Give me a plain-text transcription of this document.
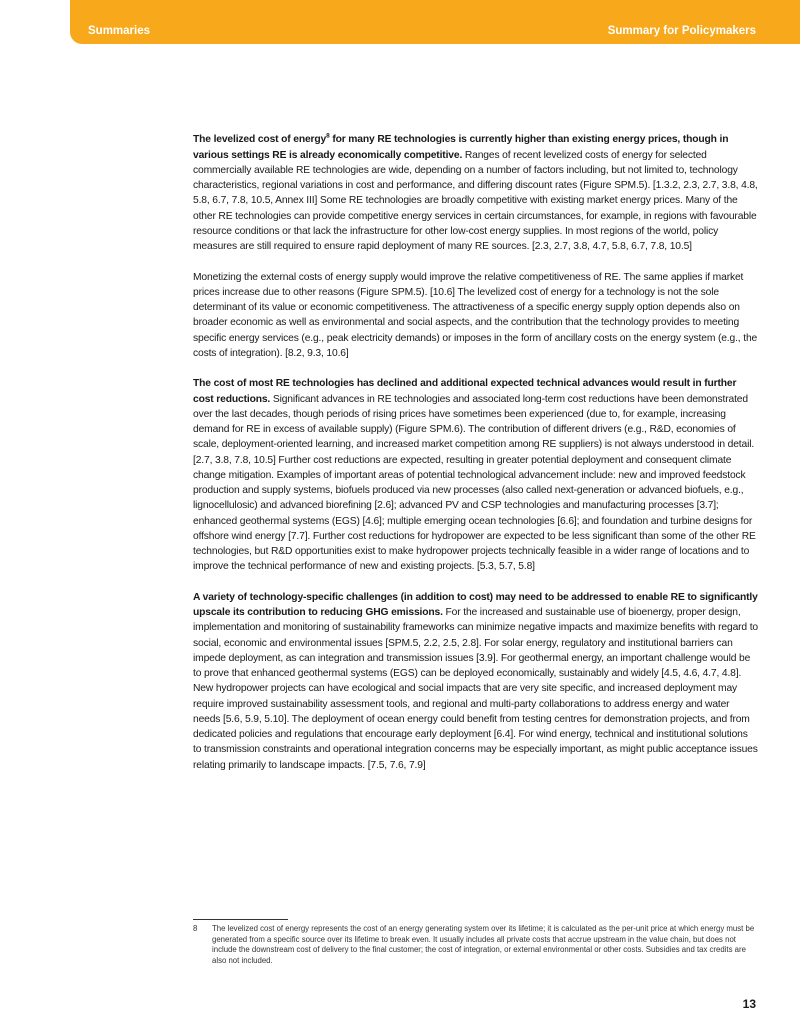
Summaries	Summary for Policymakers

The levelized cost of energy$^8$ for many RE technologies is currently higher than existing energy prices, though in various settings RE is already economically competitive. Ranges of recent levelized costs of energy for selected commercially available RE technologies are wide, depending on a number of factors including, but not limited to, technology characteristics, regional variations in cost and performance, and differing discount rates (Figure SPM.5). [1.3.2, 2.3, 2.7, 3.8, 4.8, 5.8, 6.7, 7.8, 10.5, Annex III] Some RE technologies are broadly competitive with existing market energy prices. Many of the other RE technologies can provide competitive energy services in certain circumstances, for example, in regions with favourable resource conditions or that lack the infrastructure for other low-cost energy supplies. In most regions of the world, policy measures are still required to ensure rapid deployment of many RE sources. [2.3, 2.7, 3.8, 4.7, 5.8, 6.7, 7.8, 10.5]

Monetizing the external costs of energy supply would improve the relative competitiveness of RE. The same applies if market prices increase due to other reasons (Figure SPM.5). [10.6] The levelized cost of energy for a technology is not the sole determinant of its value or economic competitiveness. The attractiveness of a specific energy supply option depends also on broader economic as well as environmental and social aspects, and the contribution that the technology provides to meeting specific energy services (e.g., peak electricity demands) or imposes in the form of ancillary costs on the energy system (e.g., the costs of integration). [8.2, 9.3, 10.6]

The cost of most RE technologies has declined and additional expected technical advances would result in further cost reductions. Significant advances in RE technologies and associated long-term cost reductions have been demonstrated over the last decades, though periods of rising prices have sometimes been experienced (due to, for example, increasing demand for RE in excess of available supply) (Figure SPM.6). The contribution of different drivers (e.g., R&D, economies of scale, deployment-oriented learning, and increased market competition among RE suppliers) is not always understood in detail. [2.7, 3.8, 7.8, 10.5] Further cost reductions are expected, resulting in greater potential deployment and consequent climate change mitigation. Examples of important areas of potential technological advancement include: new and improved feedstock production and supply systems, biofuels produced via new processes (also called next-generation or advanced biofuels, e.g., lignocellulosic) and advanced biorefining [2.6]; advanced PV and CSP technologies and manufacturing processes [3.7]; enhanced geothermal systems (EGS) [4.6]; multiple emerging ocean technologies [6.6]; and foundation and turbine designs for offshore wind energy [7.7]. Further cost reductions for hydropower are expected to be less significant than some of the other RE technologies, but R&D opportunities exist to make hydropower projects technically feasible in a wider range of locations and to improve the technical performance of new and existing projects. [5.3, 5.7, 5.8]

A variety of technology-specific challenges (in addition to cost) may need to be addressed to enable RE to significantly upscale its contribution to reducing GHG emissions. For the increased and sustainable use of bioenergy, proper design, implementation and monitoring of sustainability frameworks can minimize negative impacts and maximize benefits with regard to social, economic and environmental issues [SPM.5, 2.2, 2.5, 2.8]. For solar energy, regulatory and institutional barriers can impede deployment, as can integration and transmission issues [3.9]. For geothermal energy, an important challenge would be to prove that enhanced geothermal systems (EGS) can be deployed economically, sustainably and widely [4.5, 4.6, 4.7, 4.8]. New hydropower projects can have ecological and social impacts that are very site specific, and increased deployment may require improved sustainability assessment tools, and regional and multi-party collaborations to address energy and water needs [5.6, 5.9, 5.10]. The deployment of ocean energy could benefit from testing centres for demonstration projects, and from dedicated policies and regulations that encourage early deployment [6.4]. For wind energy, technical and institutional solutions to transmission constraints and operational integration concerns may be especially important, as might public acceptance issues relating primarily to landscape impacts. [7.5, 7.6, 7.9]

8 The levelized cost of energy represents the cost of an energy generating system over its lifetime; it is calculated as the per-unit price at which energy must be generated from a specific source over its lifetime to break even. It usually includes all private costs that accrue upstream in the value chain, but does not include the downstream cost of delivery to the final customer; the cost of integration, or external environmental or other costs. Subsidies and tax credits are also not included.
13
